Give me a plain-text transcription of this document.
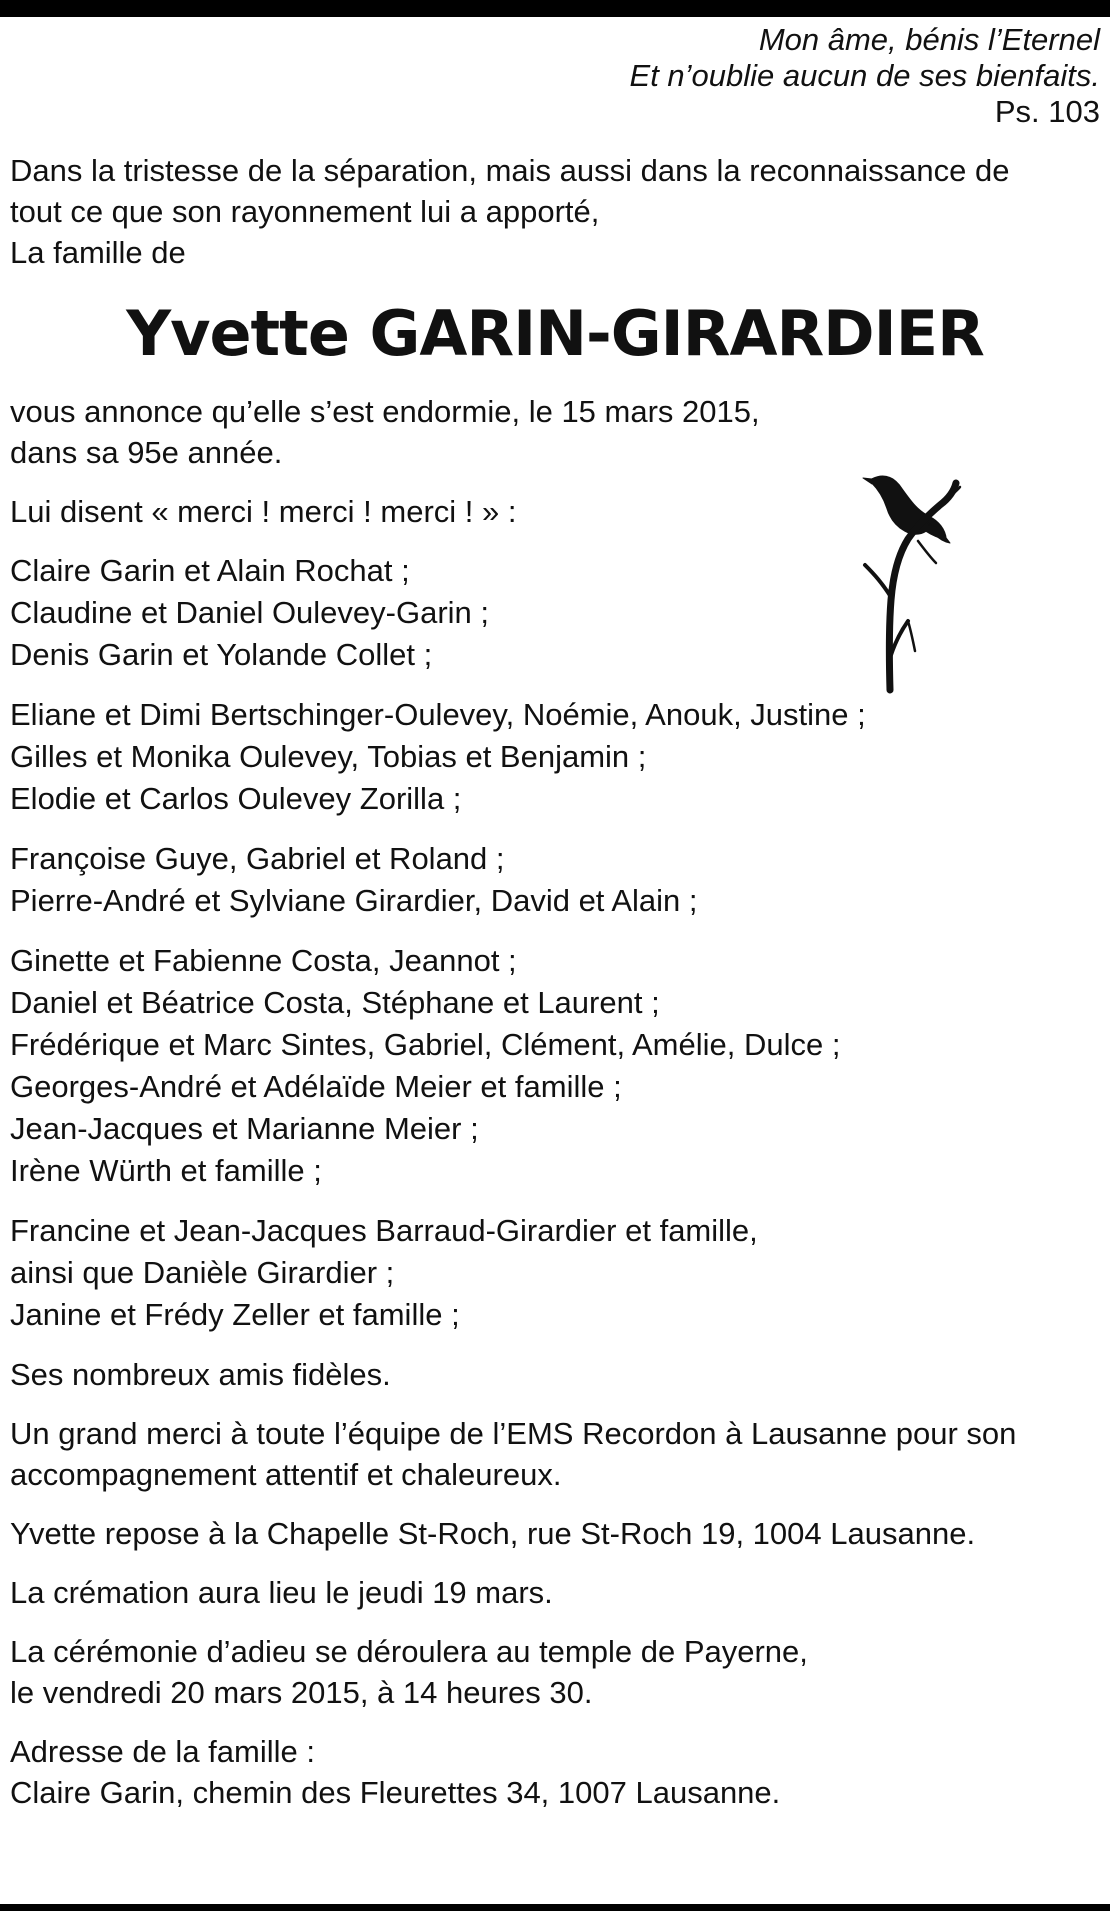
Mon âme, bénis l’Eternel
Et n’oublie aucun de ses bienfaits.
Ps. 103
Dans la tristesse de la séparation, mais aussi dans la reconnaissance de
tout ce que son rayonnement lui a apporté,
La famille de
Yvette GARIN-GIRARDIER
vous annonce qu’elle s’est endormie, le 15 mars 2015,
dans sa 95e année.
Lui disent « merci ! merci ! merci ! » :
Claire Garin et Alain Rochat ;
Claudine et Daniel Oulevey-Garin ;
Denis Garin et Yolande Collet ;
Eliane et Dimi Bertschinger-Oulevey, Noémie, Anouk, Justine ;
Gilles et Monika Oulevey, Tobias et Benjamin ;
Elodie et Carlos Oulevey Zorilla ;
Françoise Guye, Gabriel et Roland ;
Pierre-André et Sylviane Girardier, David et Alain ;
Ginette et Fabienne Costa, Jeannot ;
Daniel et Béatrice Costa, Stéphane et Laurent ;
Frédérique et Marc Sintes, Gabriel, Clément, Amélie, Dulce ;
Georges-André et Adélaïde Meier et famille ;
Jean-Jacques et Marianne Meier ;
Irène Würth et famille ;
Francine et Jean-Jacques Barraud-Girardier et famille,
ainsi que Danièle Girardier ;
Janine et Frédy Zeller et famille ;
Ses nombreux amis fidèles.
Un grand merci à toute l’équipe de l’EMS Recordon à Lausanne pour son
accompagnement attentif et chaleureux.
Yvette repose à la Chapelle St-Roch, rue St-Roch 19, 1004 Lausanne.
La crémation aura lieu le jeudi 19 mars.
La cérémonie d’adieu se déroulera au temple de Payerne,
le vendredi 20 mars 2015, à 14 heures 30.
Adresse de la famille :
Claire Garin, chemin des Fleurettes 34, 1007 Lausanne.
